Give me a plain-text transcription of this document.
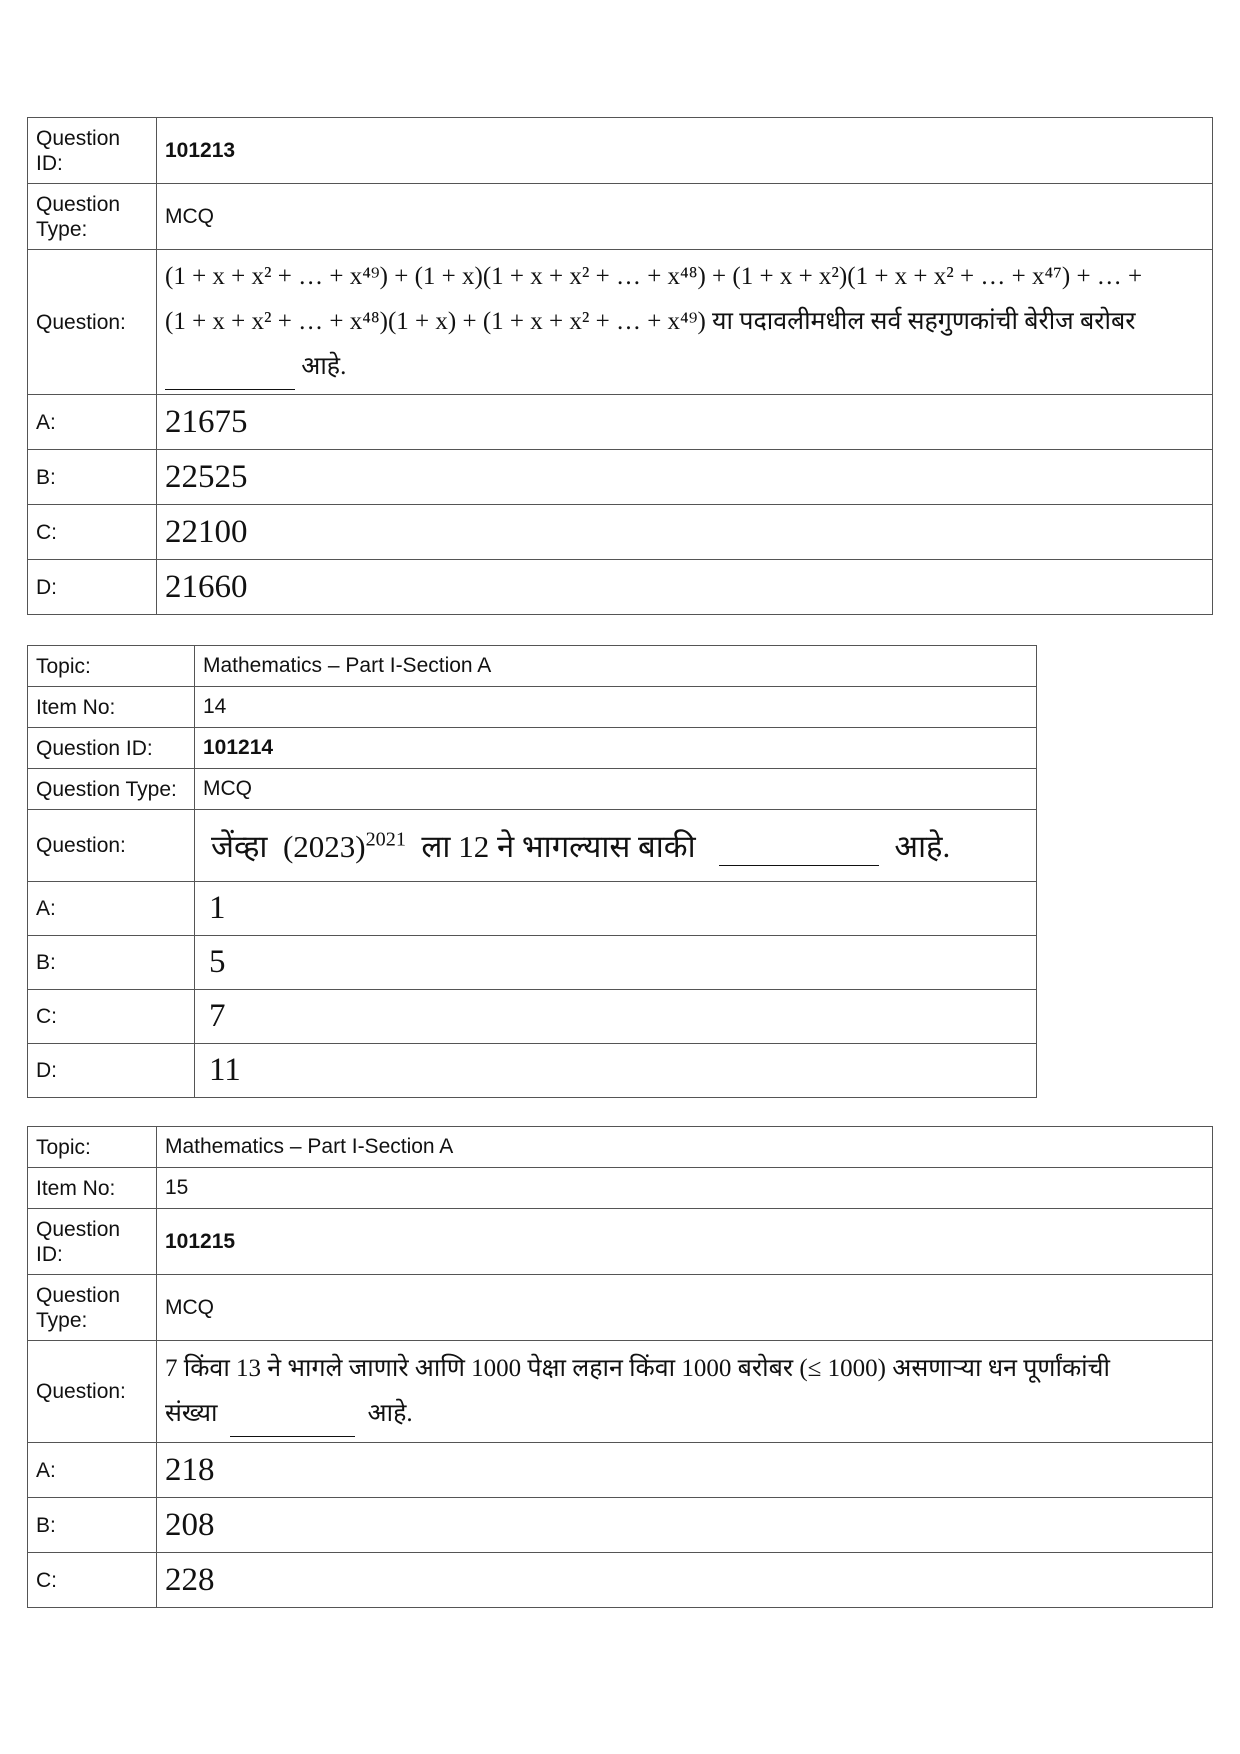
Question ID:	101213
Question Type:	MCQ
Question:	(1 + x + x² + … + x⁴⁹) + (1 + x)(1 + x + x² + … + x⁴⁸) + (1 + x + x²)(1 + x + x² + … + x⁴⁷) + … +
(1 + x + x² + … + x⁴⁸)(1 + x) + (1 + x + x² + … + x⁴⁹) या पदावलीमधील सर्व सहगुणकांची बेरीज बरोबर
आहे.

A:	21675
B:	22525
C:	22100
D:	21660
Topic:	Mathematics – Part I-Section A
Item No:	14
Question ID:	101214
Question Type:	MCQ
Question:	जेंव्हा $(2023)^{2021}$ ला 12 ने भागल्यास बाकी आहे.
A:	1
B:	5
C:	7
D:	11
Topic:	Mathematics – Part I-Section A
Item No:	15
Question ID:	101215
Question Type:	MCQ
Question:	7 किंवा 13 ने भागले जाणारे आणि 1000 पेक्षा लहान किंवा 1000 बरोबर (≤ 1000) असणाऱ्या धन पूर्णांकांची
संख्या आहे.

A:	218
B:	208
C:	228
